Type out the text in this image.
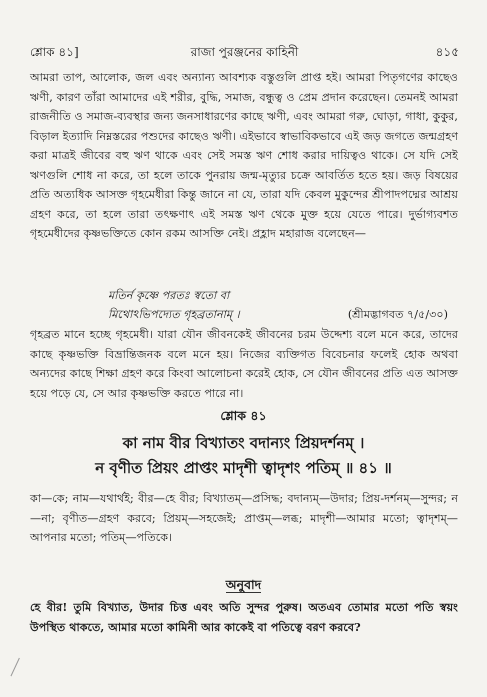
শ্লোক ৪১]	রাজা পুরঞ্জনের কাহিনী	৪১৫
আমরা তাপ, আলোক, জল এবং অন্যান্য আবশ্যক বস্তুগুলি প্রাপ্ত হই। আমরা পিতৃগণের কাছেও ঋণী, কারণ তাঁরা আমাদের এই শরীর, বুদ্ধি, সমাজ, বন্ধুত্ব ও প্রেম প্রদান করেছেন। তেমনই আমরা রাজনীতি ও সমাজ-ব্যবস্থার জন্য জনসাধারণের কাছে ঋণী, এবং আমরা গরু, ঘোড়া, গাধা, কুকুর, বিড়াল ইত্যাদি নিম্নস্তরের পশুদের কাছেও ঋণী। এইভাবে স্বাভাবিকভাবে এই জড় জগতে জন্মগ্রহণ করা মাত্রই জীবের বহু ঋণ থাকে এবং সেই সমস্ত ঋণ শোধ করার দায়িত্বও থাকে। সে যদি সেই ঋণগুলি শোধ না করে, তা হলে তাকে পুনরায় জন্ম-মৃত্যুর চক্রে আবর্তিত হতে হয়। জড় বিষয়ের প্রতি অত্যধিক আসক্ত গৃহমেধীরা কিন্তু জানে না যে, তারা যদি কেবল মুকুন্দের শ্রীপাদপদ্মের আশ্রয় গ্রহণ করে, তা হলে তারা তৎক্ষণাৎ এই সমস্ত ঋণ থেকে মুক্ত হয়ে যেতে পারে। দুর্ভাগ্যবশত গৃহমেধীদের কৃষ্ণভক্তিতে কোন রকম আসক্তি নেই। প্রহ্লাদ মহারাজ বলেছেন—
মতির্ন কৃষ্ণে পরতঃ স্বতো বা
মিথোঽভিপদ্যেত গৃহব্রতানাম্ ।	(শ্রীমদ্ভাগবত ৭/৫/৩০)
গৃহব্রত মানে হচ্ছে গৃহমেধী। যারা যৌন জীবনকেই জীবনের চরম উদ্দেশ্য বলে মনে করে, তাদের কাছে কৃষ্ণভক্তি বিভ্রান্তিজনক বলে মনে হয়। নিজের ব্যক্তিগত বিবেচনার ফলেই হোক অথবা অন্যদের কাছে শিক্ষা গ্রহণ করে কিংবা আলোচনা করেই হোক, সে যৌন জীবনের প্রতি এত আসক্ত হয়ে পড়ে যে, সে আর কৃষ্ণভক্তি করতে পারে না।
শ্লোক ৪১
কা নাম বীর বিখ্যাতং বদান্যং প্রিয়দর্শনম্ ।
ন বৃণীত প্রিয়ং প্রাপ্তং মাদৃশী ত্বাদৃশং পতিম্ ॥ ৪১ ॥
কা—কে; নাম—যথার্থই; বীর—হে বীর; বিখ্যাতম্—প্রসিদ্ধ; বদান্যম্—উদার; প্রিয়-দর্শনম্—সুন্দর; ন—না; বৃণীত—গ্রহণ করবে; প্রিয়ম্—সহজেই; প্রাপ্তম্—লব্ধ; মাদৃশী—আমার মতো; ত্বাদৃশম্—আপনার মতো; পতিম্—পতিকে।
অনুবাদ
হে বীর! তুমি বিখ্যাত, উদার চিত্ত এবং অতি সুন্দর পুরুষ। অতএব তোমার মতো পতি স্বয়ং উপস্থিত থাকতে, আমার মতো কামিনী আর কাকেই বা পতিত্বে বরণ করবে?
